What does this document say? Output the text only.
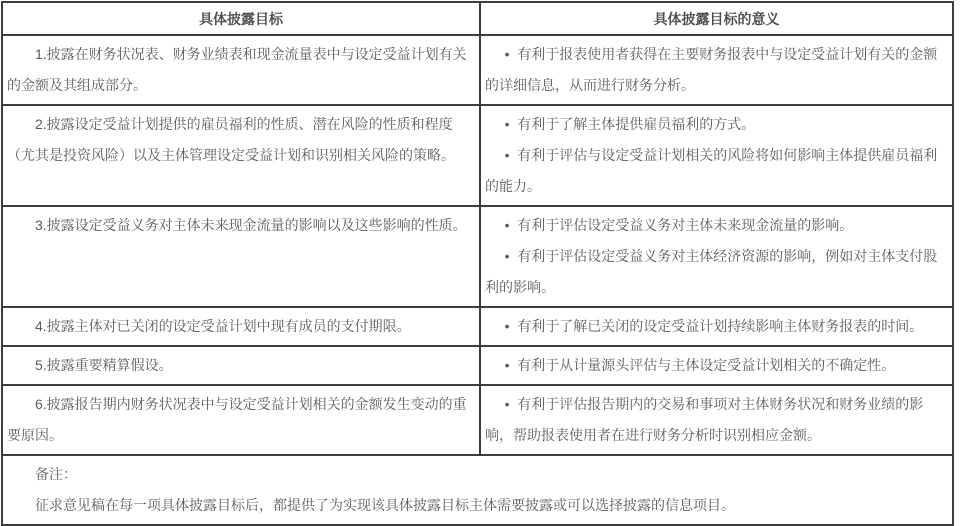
具体披露目标	具体披露目标的意义

1.披露在财务状况表、财务业绩表和现金流量表中与设定受益计划有关的金额及其组成部分。	•  有利于报表使用者获得在主要财务报表中与设定受益计划有关的金额的详细信息，从而进行财务分析。

2.披露设定受益计划提供的雇员福利的性质、潜在风险的性质和程度（尤其是投资风险）以及主体管理设定受益计划和识别相关风险的策略。	•  有利于了解主体提供雇员福利的方式。

•  有利于评估与设定受益计划相关的风险将如何影响主体提供雇员福利的能力。

3.披露设定受益义务对主体未来现金流量的影响以及这些影响的性质。	•  有利于评估设定受益义务对主体未来现金流量的影响。

•  有利于评估设定受益义务对主体经济资源的影响，例如对主体支付股利的影响。

4.披露主体对已关闭的设定受益计划中现有成员的支付期限。	•  有利于了解已关闭的设定受益计划持续影响主体财务报表的时间。

5.披露重要精算假设。	•  有利于从计量源头评估与主体设定受益计划相关的不确定性。

6.披露报告期内财务状况表中与设定受益计划相关的金额发生变动的重要原因。	•  有利于评估报告期内的交易和事项对主体财务状况和财务业绩的影响，帮助报表使用者在进行财务分析时识别相应金额。

备注：

征求意见稿在每一项具体披露目标后，都提供了为实现该具体披露目标主体需要披露或可以选择披露的信息项目。	
